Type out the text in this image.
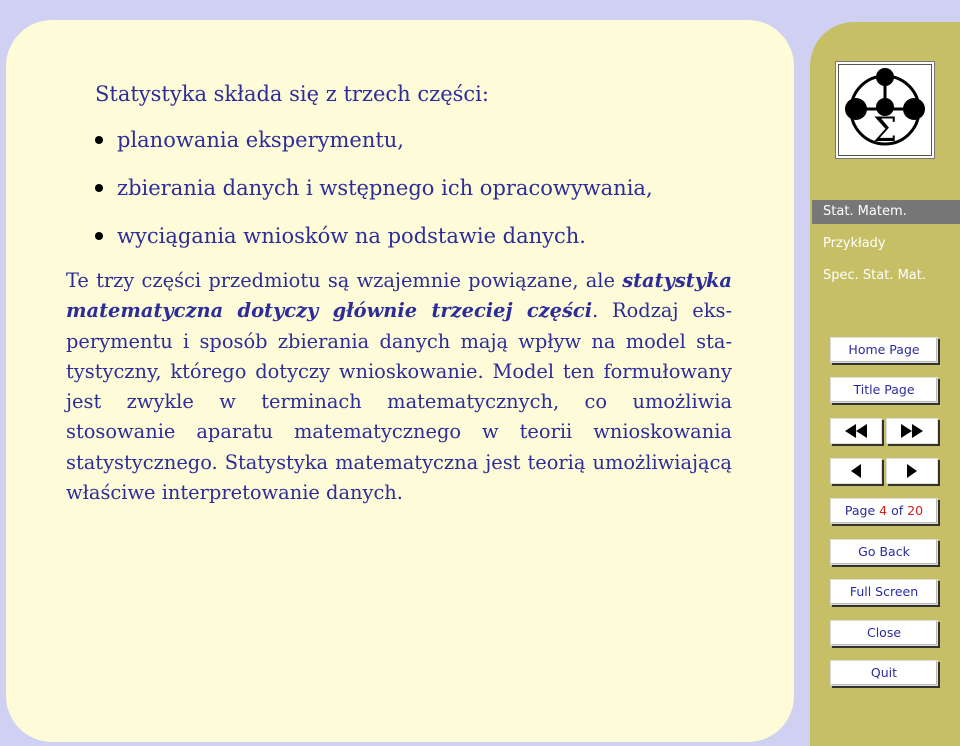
Statystyka składa się z trzech części:
planowania eksperymentu,
zbierania danych i wstępnego ich opracowywania,
wyciągania wniosków na podstawie danych.
Te trzy części przedmiotu są wzajemnie powiązane, ale statystyka matematyczna dotyczy głównie trzeciej części. Rodzaj eksperymentu i sposób zbierania danych mają wpływ na model statystyczny, którego dotyczy wnioskowanie. Model ten formułowany jest zwykle w terminach matematycznych, co umożliwia stosowanie aparatu matematycznego w teorii wnioskowania statystycznego. Statystyka matematyczna jest teorią umożliwiającą właściwe interpretowanie danych.
Σ
Stat. Matem.
Przykłady
Spec. Stat. Mat.
Home Page
Title Page
Page 4 of 20
Go Back
Full Screen
Close
Quit
